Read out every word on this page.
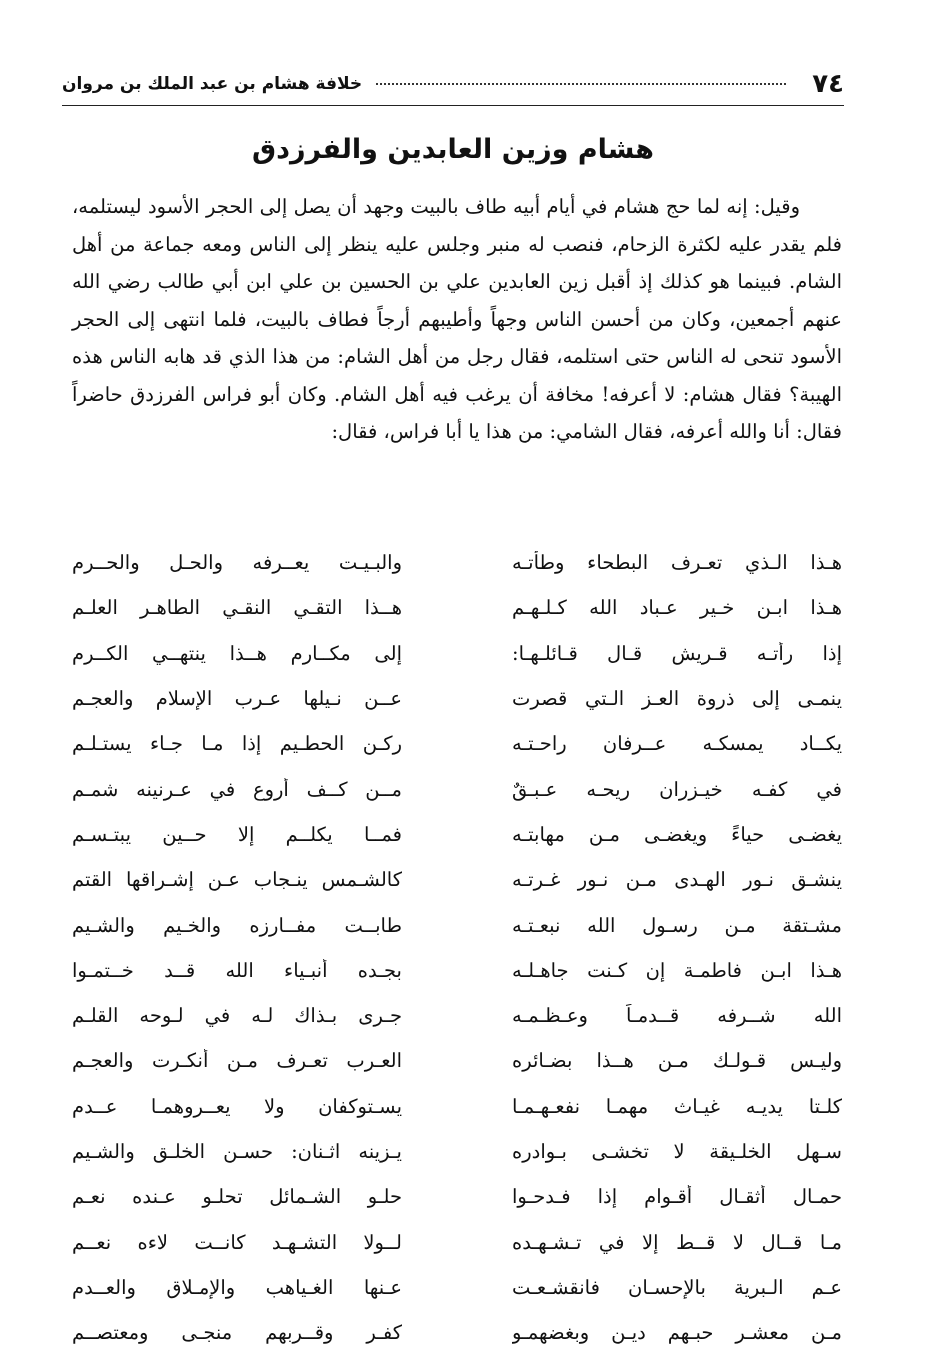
٧٤
خلافة هشام بن عبد الملك بن مروان
هشام وزين العابدين والفرزدق

وقيل: إنه لما حج هشام في أيام أبيه طاف بالبيت وجهد أن يصل إلى الحجر الأسود ليستلمه، فلم يقدر عليه لكثرة الزحام، فنصب له منبر وجلس عليه ينظر إلى الناس ومعه جماعة من أهل الشام. فبينما هو كذلك إذ أقبل زين العابدين علي بن الحسين بن علي ابن أبي طالب رضي الله عنهم أجمعين، وكان من أحسن الناس وجهاً وأطيبهم أرجاً فطاف بالبيت، فلما انتهى إلى الحجر الأسود تنحى له الناس حتى استلمه، فقال رجل من أهل الشام: من هذا الذي قد هابه الناس هذه الهيبة؟ فقال هشام: لا أعرفه! مخافة أن يرغب فيه أهل الشام. وكان أبو فراس الفرزدق حاضراً فقال: أنا والله أعرفه، فقال الشامي: من هذا يا أبا فراس، فقال:

هـذا الـذي تعـرف البطحاء وطأتـه
والبـيـت يعــرفه والحـل والحــرم
هـذا ابـن خـير عـباد الله كـلـهـم
هــذا التقـي النقـي الطاهـر العلـم
إذا رأتـه قـريش قـال قـائلـهـا:
إلى مكــارم هــذا ينتهــي الكــرم
ينمـى إلى ذروة العـز الـتي قصرت
عــن نـيلها عـرب الإسلام والعجـم
يكــاد يمسكـه عــرفان راحـتـه
ركـن الحطـيم إذا مـا جـاء يستـلـم
في كفـه خيـزران ريحـه عـبـقٌ
مــن كــف أروع في عـرنينه شمـم
يغضـى حياءً ويغضـى مـن مهابتـه
فمــا يكلــم إلا حــين يبتـسـم
ينشـق نـور الهـدى مـن نـور غـرتـه
كالشـمس ينـجاب عـن إشـراقها القتم
مشـتقة مـن رسـول الله نبعـتـه
طابــت مفــارزه والخـيم والشـيم
هـذا ابـن فاطمـة إن كـنت جاهـلـه
بجـده أنبـياء الله قــد خــتمـوا
الله شــرفه قــدمـاً وعـظـمـه
جـرى بـذاك لـه في لـوحه القلـم
وليـس قـولـك مـن هــذا بضـائره
العـرب تعـرف مـن أنكـرت والعجـم
كلـتا يديـه غيـاث مهمـا نفعـهـمـا
يسـتوكفان ولا يعــروهمـا عــدم
سـهل الخلـيقة لا تخشـى بـوادره
يـزينه اثـنان: حسـن الخلـق والشـيم
حمـال أثقـال أقـوام إذا فـدحـوا
حلـو الشـمائل تحلـو عـنده نعـم
مـا قــال لا قــط إلا في تـشـهـده
لــولا التشـهـد كانــت لاءه نعــم
عـم الـبرية بالإحسـان فانقشـعـت
عـنها الغـياهب والإمـلاق والعــدم
مـن معشـر حبـهم ديـن وبغضهمـو
كفـر وقــربهم منجـى ومعتصــم
